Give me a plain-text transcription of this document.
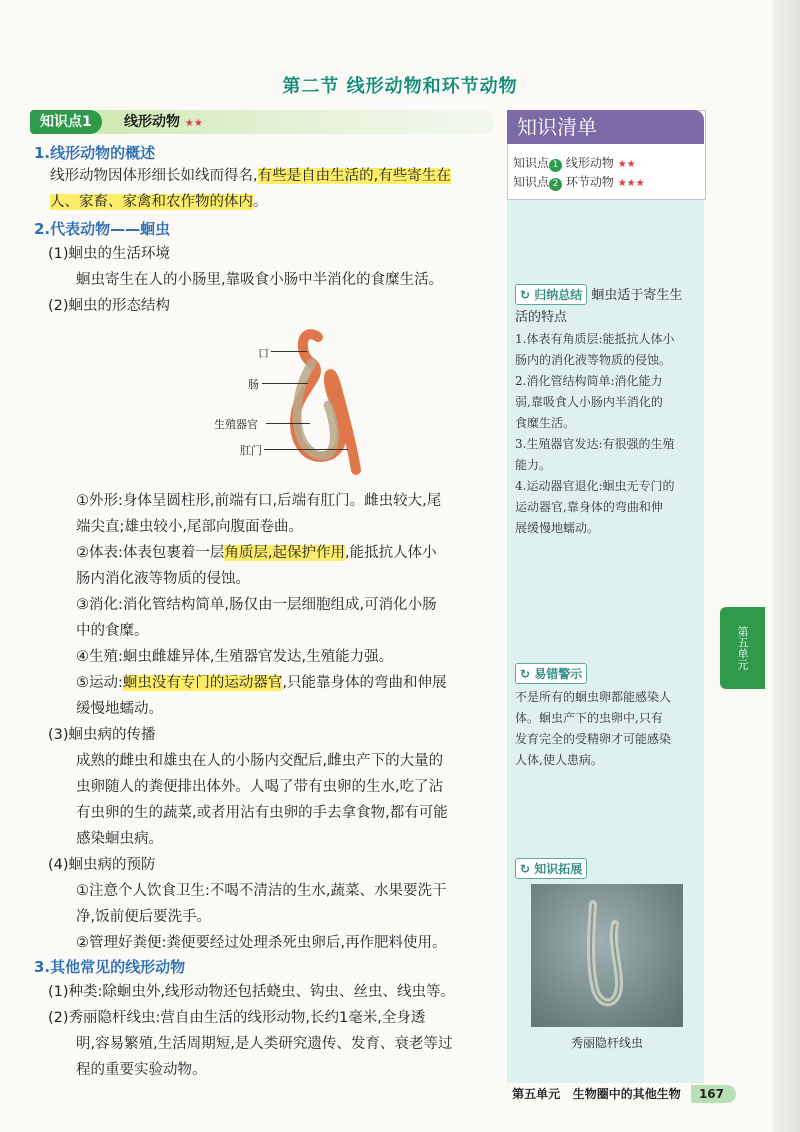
第二节 线形动物和环节动物
知识点1	线形动物 ★★
1.线形动物的概述
线形动物因体形细长如线而得名,有些是自由生活的,有些寄生在
人、家畜、家禽和农作物的体内。
2.代表动物——蛔虫
(1)蛔虫的生活环境
蛔虫寄生在人的小肠里,靠吸食小肠中半消化的食糜生活。
(2)蛔虫的形态结构
口
肠
生殖器官
肛门
①外形:身体呈圆柱形,前端有口,后端有肛门。雌虫较大,尾
端尖直;雄虫较小,尾部向腹面卷曲。
②体表:体表包裹着一层角质层,起保护作用,能抵抗人体小
肠内消化液等物质的侵蚀。
③消化:消化管结构简单,肠仅由一层细胞组成,可消化小肠
中的食糜。
④生殖:蛔虫雌雄异体,生殖器官发达,生殖能力强。
⑤运动:蛔虫没有专门的运动器官,只能靠身体的弯曲和伸展
缓慢地蠕动。
(3)蛔虫病的传播
成熟的雌虫和雄虫在人的小肠内交配后,雌虫产下的大量的
虫卵随人的粪便排出体外。人喝了带有虫卵的生水,吃了沾
有虫卵的生的蔬菜,或者用沾有虫卵的手去拿食物,都有可能
感染蛔虫病。
(4)蛔虫病的预防
①注意个人饮食卫生:不喝不清洁的生水,蔬菜、水果要洗干
净,饭前便后要洗手。
②管理好粪便:粪便要经过处理杀死虫卵后,再作肥料使用。
3.其他常见的线形动物
(1)种类:除蛔虫外,线形动物还包括蛲虫、钩虫、丝虫、线虫等。
(2)秀丽隐杆线虫:营自由生活的线形动物,长约1毫米,全身透
明,容易繁殖,生活周期短,是人类研究遗传、发育、衰老等过
程的重要实验动物。
知识清单
知识点 1 线形动物 ★★
知识点 2 环节动物 ★★★
↻ 归纳总结 蛔虫适于寄生生
活的特点
1.体表有角质层:能抵抗人体小
肠内的消化液等物质的侵蚀。
2.消化管结构简单:消化能力
弱,靠吸食人小肠内半消化的
食糜生活。
3.生殖器官发达:有很强的生殖
能力。
4.运动器官退化:蛔虫无专门的
运动器官,靠身体的弯曲和伸
展缓慢地蠕动。
↻ 易错警示
不是所有的蛔虫卵都能感染人
体。蛔虫产下的虫卵中,只有
发育完全的受精卵才可能感染
人体,使人患病。
↻ 知识拓展
秀丽隐杆线虫
第五单元
第五单元 生物圈中的其他生物 167
